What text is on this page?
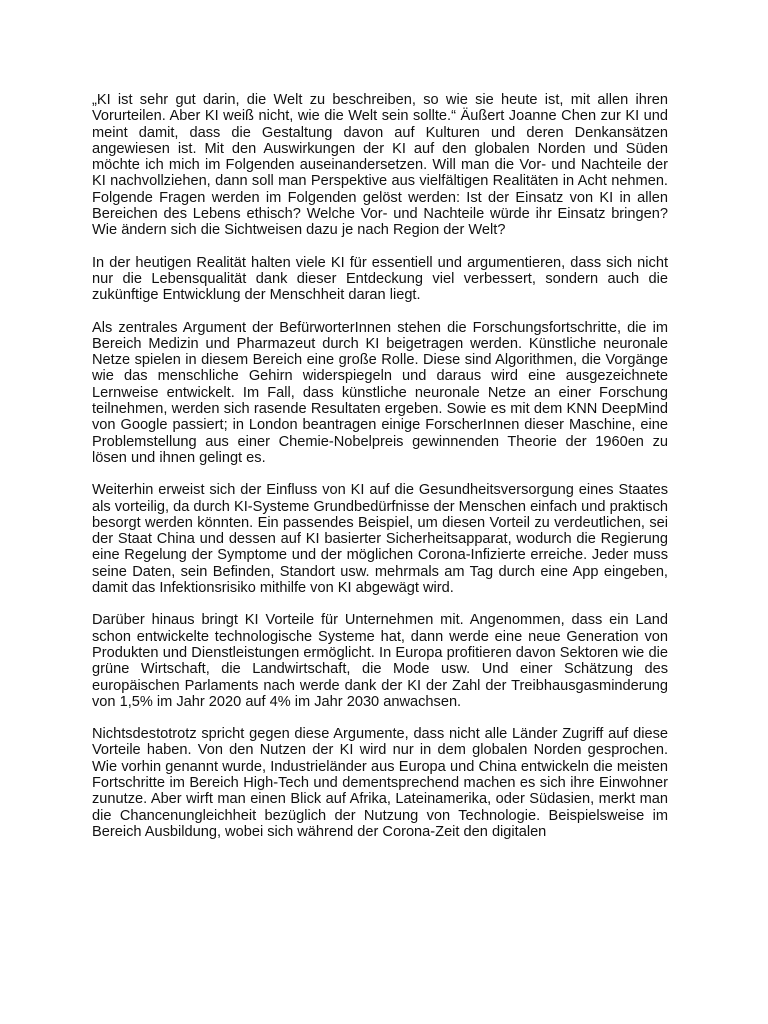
„KI ist sehr gut darin, die Welt zu beschreiben, so wie sie heute ist, mit allen ihren Vorurteilen. Aber KI weiß nicht, wie die Welt sein sollte.“ Äußert Joanne Chen zur KI und meint damit, dass die Gestaltung davon auf Kulturen und deren Denkansätzen angewiesen ist. Mit den Auswirkungen der KI auf den globalen Norden und Süden möchte ich mich im Folgenden auseinandersetzen. Will man die Vor- und Nachteile der KI nachvollziehen, dann soll man Perspektive aus vielfältigen Realitäten in Acht nehmen. Folgende Fragen werden im Folgenden gelöst werden: Ist der Einsatz von KI in allen Bereichen des Lebens ethisch? Welche Vor- und Nachteile würde ihr Einsatz bringen? Wie ändern sich die Sichtweisen dazu je nach Region der Welt?

In der heutigen Realität halten viele KI für essentiell und argumentieren, dass sich nicht nur die Lebensqualität dank dieser Entdeckung viel verbessert, sondern auch die zukünftige Entwicklung der Menschheit daran liegt.

Als zentrales Argument der BefürworterInnen stehen die Forschungsfortschritte, die im Bereich Medizin und Pharmazeut durch KI beigetragen werden. Künstliche neuronale Netze spielen in diesem Bereich eine große Rolle. Diese sind Algorithmen, die Vorgänge wie das menschliche Gehirn widerspiegeln und daraus wird eine ausgezeichnete Lernweise entwickelt. Im Fall, dass künstliche neuronale Netze an einer Forschung teilnehmen, werden sich rasende Resultaten ergeben. Sowie es mit dem KNN DeepMind von Google passiert; in London beantragen einige ForscherInnen dieser Maschine, eine Problemstellung aus einer Chemie-Nobelpreis gewinnenden Theorie der 1960en zu lösen und ihnen gelingt es.

Weiterhin erweist sich der Einfluss von KI auf die Gesundheitsversorgung eines Staates als vorteilig, da durch KI-Systeme Grundbedürfnisse der Menschen einfach und praktisch besorgt werden könnten. Ein passendes Beispiel, um diesen Vorteil zu verdeutlichen, sei der Staat China und dessen auf KI basierter Sicherheitsapparat, wodurch die Regierung eine Regelung der Symptome und der möglichen Corona-Infizierte erreiche. Jeder muss seine Daten, sein Befinden, Standort usw. mehrmals am Tag durch eine App eingeben, damit das Infektionsrisiko mithilfe von KI abgewägt wird.

Darüber hinaus bringt KI Vorteile für Unternehmen mit. Angenommen, dass ein Land schon entwickelte technologische Systeme hat, dann werde eine neue Generation von Produkten und Dienstleistungen ermöglicht. In Europa profitieren davon Sektoren wie die grüne Wirtschaft, die Landwirtschaft, die Mode usw. Und einer Schätzung des europäischen Parlaments nach werde dank der KI der Zahl der Treibhausgasminderung von 1,5% im Jahr 2020 auf 4% im Jahr 2030 anwachsen.

Nichtsdestotrotz spricht gegen diese Argumente, dass nicht alle Länder Zugriff auf diese Vorteile haben. Von den Nutzen der KI wird nur in dem globalen Norden gesprochen. Wie vorhin genannt wurde, Industrieländer aus Europa und China entwickeln die meisten Fortschritte im Bereich High-Tech und dementsprechend machen es sich ihre Einwohner zunutze. Aber wirft man einen Blick auf Afrika, Lateinamerika, oder Südasien, merkt man die Chancenungleichheit bezüglich der Nutzung von Technologie. Beispielsweise im Bereich Ausbildung, wobei sich während der Corona-Zeit den digitalen
